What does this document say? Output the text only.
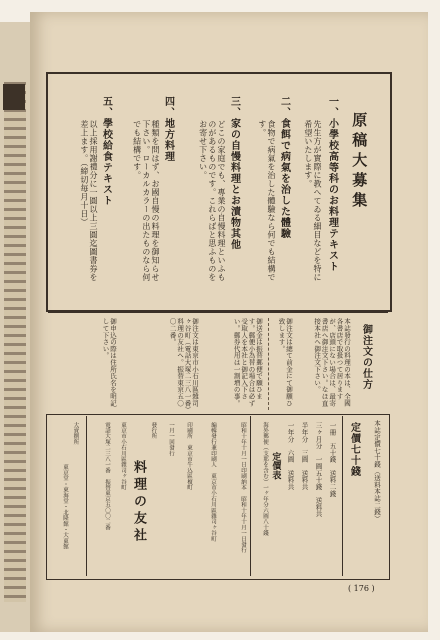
原稿大募集
一、小學校高等科のお料理テキスト
先生方が實際に教へてゐる細目などを特に希望いたします。
二、食餌で病氣を治した體驗
食物で病氣を治した體驗なら何でも結構です。
三、家の自慢料理とお漬物其他
どこの家庭でも、專業の自慢料理といふものがあるものです。これらばと思ふものをお寄せ下さい。
四、地方料理
種類を問はず、お國自慢の料理を御知らせ下さい。ローカルカラーの出たものなら何でも結構です。
五、學校給食テキスト
以上採用謝禮分に一圓以上三圓迄圖書券を差上ます。（締切毎月十日）
御注文の仕方
本誌發行の料理の本は、全國各書店で取扱つて居りますが、店頭にない場合は、最寄書店へ御注文下さい。なほ直接本社へ御注文下さい。
御注文は總て前金にて御願ひ致します。
御送金は振替郵便で願ひます。郵便小為替の場合は必ず受取人を本社と御記入下さい。郵券代用は一割増の事。
御注文は東京市小石川區雜司ヶ谷町（電話大塚二三八一番）料理の友社へ。振替東京五〇〇二番。
御申込の際は住所氏名を明記して下さい。
本誌定價七十錢（送料本誌二錢）
定價七十錢
一冊　五十錢　送料二錢
三ヶ月分　一圓五十錢　送料共
半年分　三圓　送料共
一年分　六圓　送料共
定價表
海外郵便（支那を含む）一ヶ年分六圓八十錢
昭和十年十月一日印刷納本　昭和十年十月一日發行
編輯發行兼印刷人　東京市小石川區雜司ヶ谷町
印刷所　東京市牛込區榎町
一月一回發行
發行所
料理の友社
東京市小石川區雜司ヶ谷町
電話大塚二三八一番　振替東京五〇〇二番
大賣捌所
東京堂・東海堂・北隆館・大東館
( 176 )
